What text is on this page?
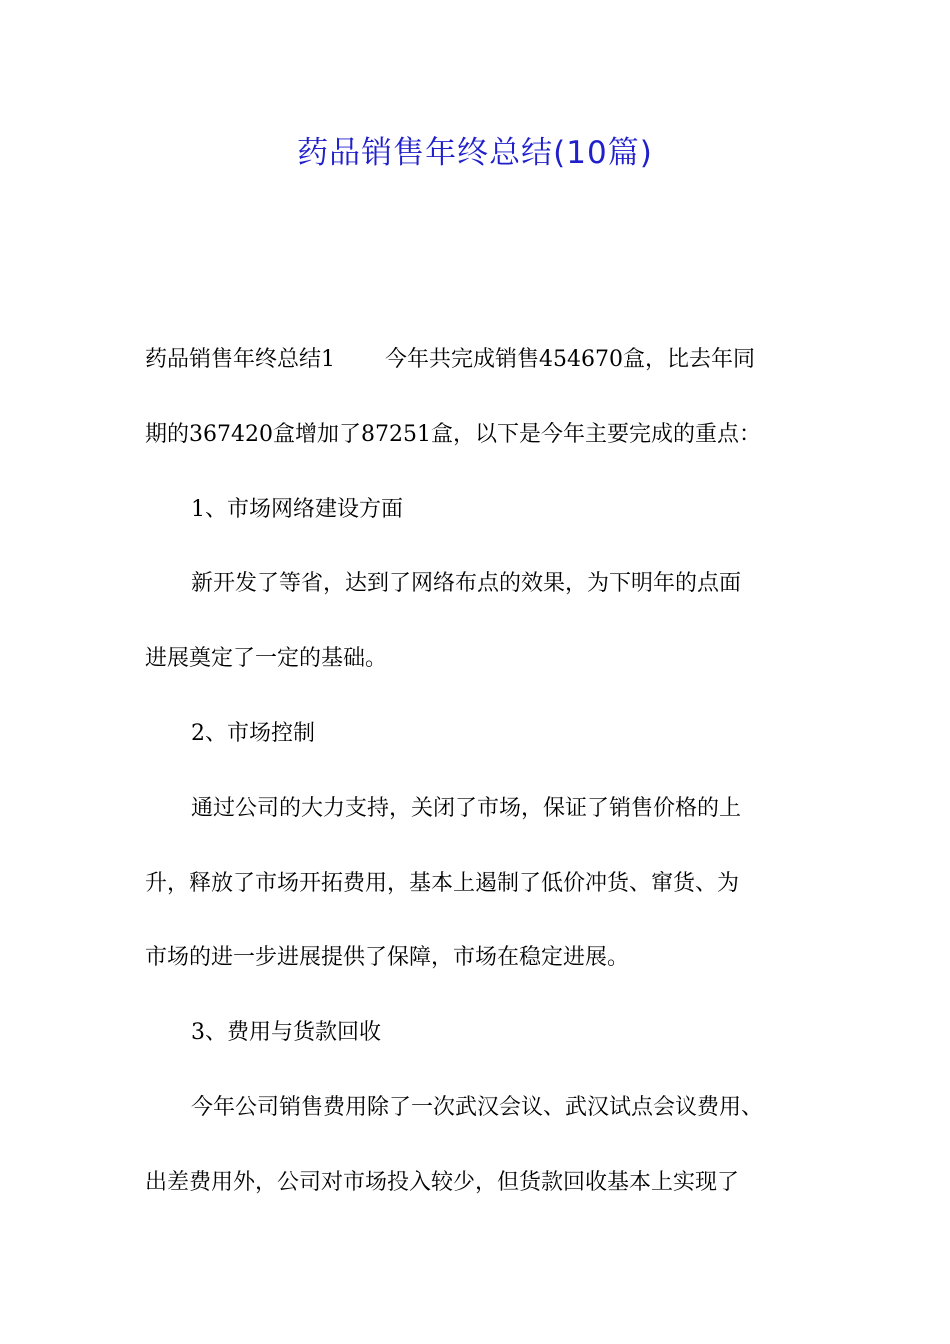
药品销售年终总结(10篇)

药品销售年终总结1 今年共完成销售454670盒，比去年同

期的367420盒增加了87251盒，以下是今年主要完成的重点：

1、市场网络建设方面

新开发了等省，达到了网络布点的效果，为下明年的点面

进展奠定了一定的基础。

2、市场控制

通过公司的大力支持，关闭了市场，保证了销售价格的上

升，释放了市场开拓费用，基本上遏制了低价冲货、窜货、为

市场的进一步进展提供了保障，市场在稳定进展。

3、费用与货款回收

今年公司销售费用除了一次武汉会议、武汉试点会议费用、

出差费用外，公司对市场投入较少，但货款回收基本上实现了
